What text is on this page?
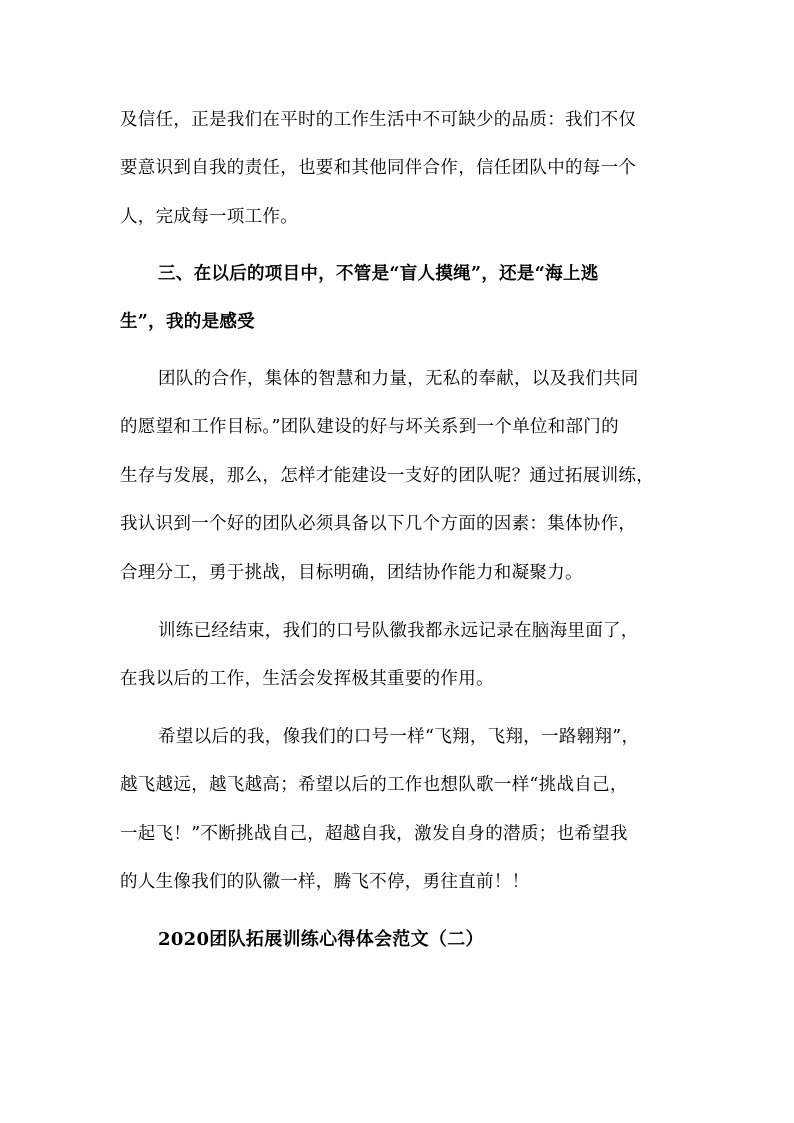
及信任，正是我们在平时的工作生活中不可缺少的品质：我们不仅
要意识到自我的责任，也要和其他同伴合作，信任团队中的每一个
人，完成每一项工作。
三、在以后的项目中，不管是“盲人摸绳”，还是“海上逃
生”，我的是感受
团队的合作，集体的智慧和力量，无私的奉献，以及我们共同
的愿望和工作目标。”团队建设的好与坏关系到一个单位和部门的
生存与发展，那么，怎样才能建设一支好的团队呢？通过拓展训练，
我认识到一个好的团队必须具备以下几个方面的因素：集体协作，
合理分工，勇于挑战，目标明确，团结协作能力和凝聚力。
训练已经结束，我们的口号队徽我都永远记录在脑海里面了，
在我以后的工作，生活会发挥极其重要的作用。
希望以后的我，像我们的口号一样“飞翔，飞翔，一路翱翔”，
越飞越远，越飞越高；希望以后的工作也想队歌一样“挑战自己，
一起飞！”不断挑战自己，超越自我，激发自身的潜质；也希望我
的人生像我们的队徽一样，腾飞不停，勇往直前！！
2020团队拓展训练心得体会范文（二）
